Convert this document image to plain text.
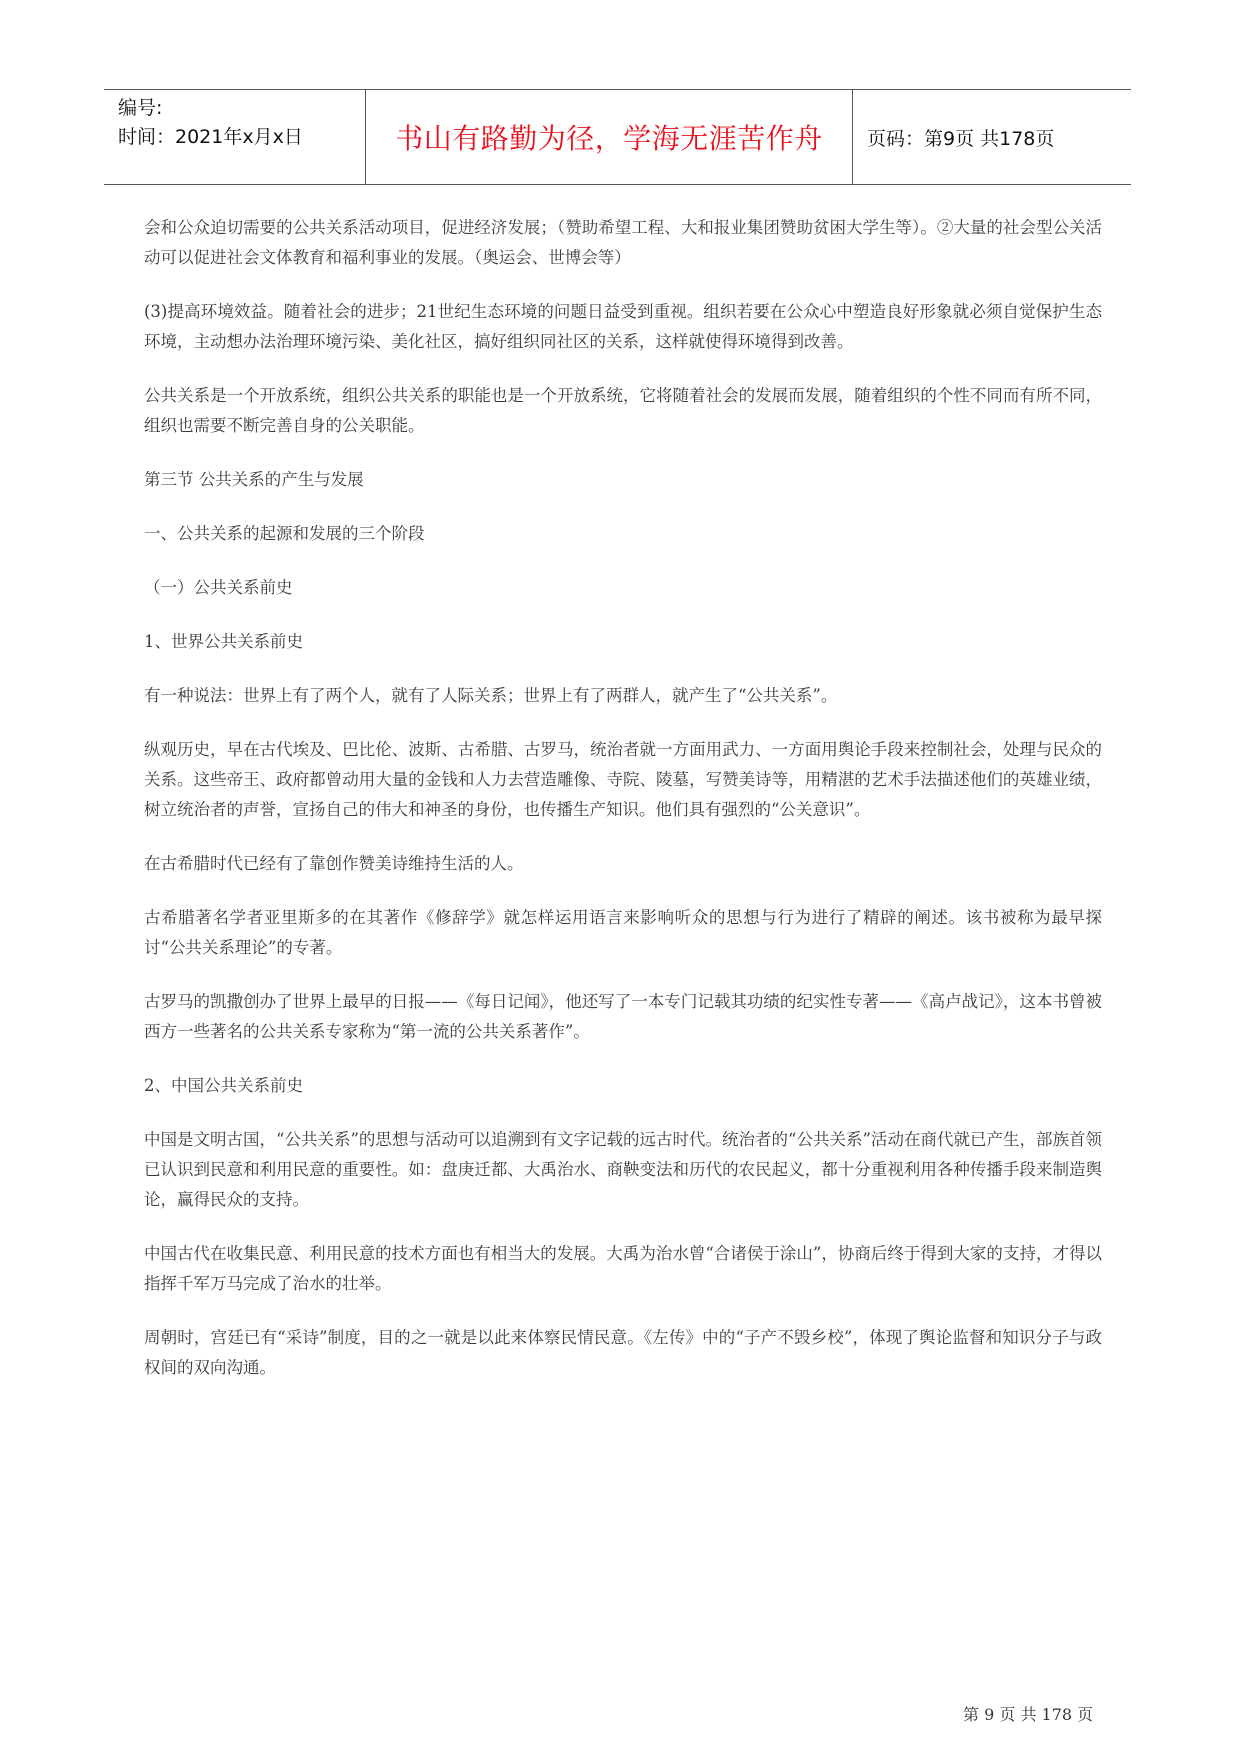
编号:
时间：2021年x月x日	书山有路勤为径，学海无涯苦作舟	页码：第9页 共178页

会和公众迫切需要的公共关系活动项目，促进经济发展；（赞助希望工程、大和报业集团赞助贫困大学生等）。②大量的社会型公关活动可以促进社会文体教育和福利事业的发展。（奥运会、世博会等）

(3)提高环境效益。随着社会的进步；21世纪生态环境的问题日益受到重视。组织若要在公众心中塑造良好形象就必须自觉保护生态环境，主动想办法治理环境污染、美化社区，搞好组织同社区的关系，这样就使得环境得到改善。

公共关系是一个开放系统，组织公共关系的职能也是一个开放系统，它将随着社会的发展而发展，随着组织的个性不同而有所不同，组织也需要不断完善自身的公关职能。

第三节 公共关系的产生与发展

一、公共关系的起源和发展的三个阶段

（一）公共关系前史

1、世界公共关系前史

有一种说法：世界上有了两个人，就有了人际关系；世界上有了两群人，就产生了“公共关系”。

纵观历史，早在古代埃及、巴比伦、波斯、古希腊、古罗马，统治者就一方面用武力、一方面用舆论手段来控制社会，处理与民众的关系。这些帝王、政府都曾动用大量的金钱和人力去营造雕像、寺院、陵墓，写赞美诗等，用精湛的艺术手法描述他们的英雄业绩，树立统治者的声誉，宣扬自己的伟大和神圣的身份，也传播生产知识。他们具有强烈的“公关意识”。

在古希腊时代已经有了靠创作赞美诗维持生活的人。

古希腊著名学者亚里斯多的在其著作《修辞学》就怎样运用语言来影响听众的思想与行为进行了精辟的阐述。该书被称为最早探讨“公共关系理论”的专著。

古罗马的凯撒创办了世界上最早的日报——《每日记闻》，他还写了一本专门记载其功绩的纪实性专著——《高卢战记》，这本书曾被西方一些著名的公共关系专家称为“第一流的公共关系著作”。

2、中国公共关系前史

中国是文明古国，“公共关系”的思想与活动可以追溯到有文字记载的远古时代。统治者的“公共关系”活动在商代就已产生，部族首领已认识到民意和利用民意的重要性。如：盘庚迁都、大禹治水、商鞅变法和历代的农民起义，都十分重视利用各种传播手段来制造舆论，赢得民众的支持。

中国古代在收集民意、利用民意的技术方面也有相当大的发展。大禹为治水曾“合诸侯于涂山”，协商后终于得到大家的支持，才得以指挥千军万马完成了治水的壮举。

周朝时，宫廷已有“采诗”制度，目的之一就是以此来体察民情民意。《左传》中的“子产不毁乡校”，体现了舆论监督和知识分子与政权间的双向沟通。

第 9 页 共 178 页
